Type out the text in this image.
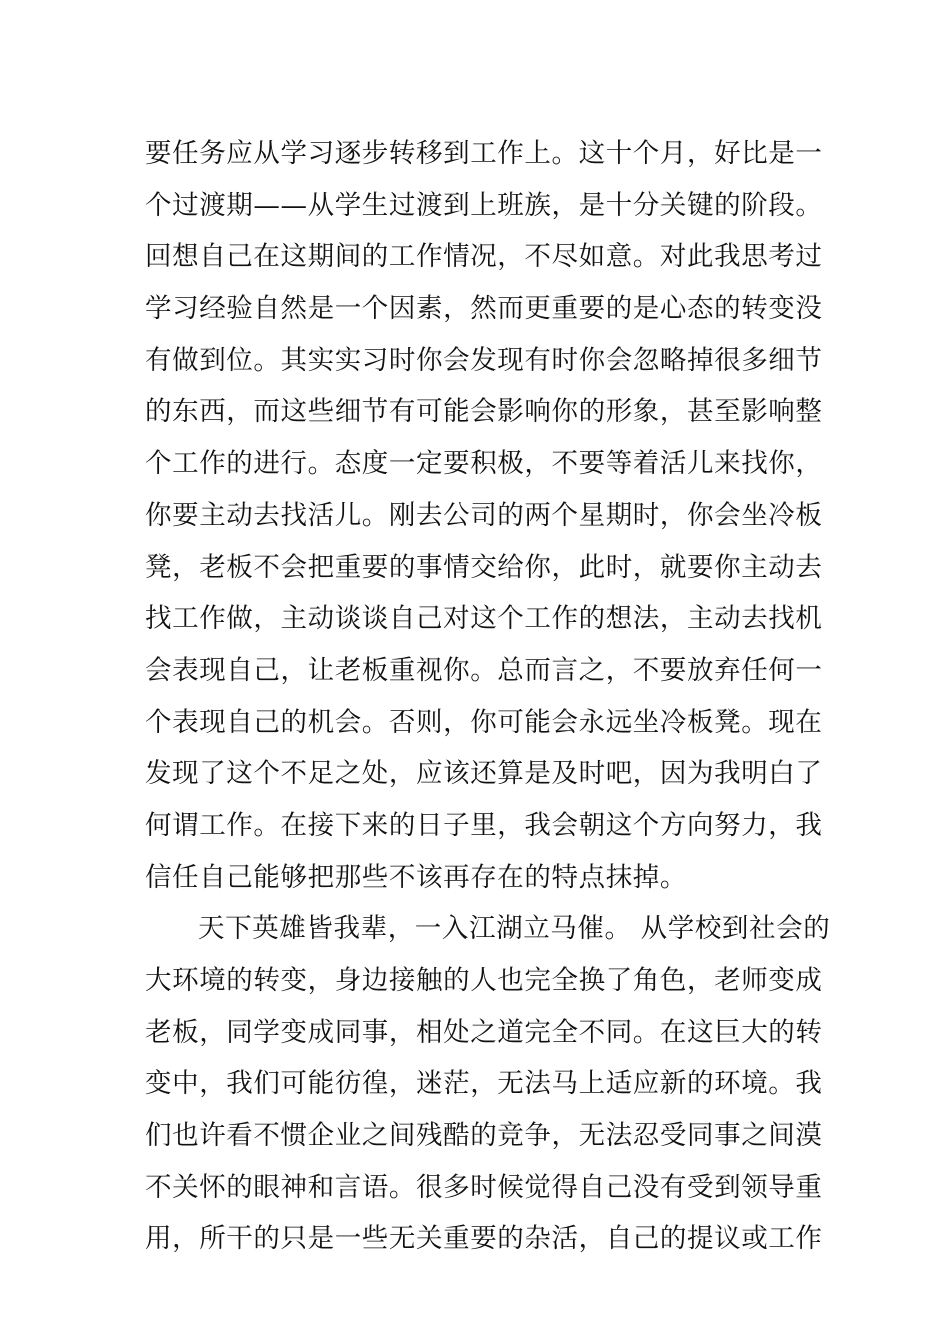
要任务应从学习逐步转移到工作上。这十个月，好比是一
个过渡期——从学生过渡到上班族，是十分关键的阶段。
回想自己在这期间的工作情况，不尽如意。对此我思考过
学习经验自然是一个因素，然而更重要的是心态的转变没
有做到位。其实实习时你会发现有时你会忽略掉很多细节
的东西，而这些细节有可能会影响你的形象，甚至影响整
个工作的进行。态度一定要积极，不要等着活儿来找你，
你要主动去找活儿。刚去公司的两个星期时，你会坐冷板
凳，老板不会把重要的事情交给你，此时，就要你主动去
找工作做，主动谈谈自己对这个工作的想法，主动去找机
会表现自己，让老板重视你。总而言之，不要放弃任何一
个表现自己的机会。否则，你可能会永远坐冷板凳。现在
发现了这个不足之处，应该还算是及时吧，因为我明白了
何谓工作。在接下来的日子里，我会朝这个方向努力，我
信任自己能够把那些不该再存在的特点抹掉。
天下英雄皆我辈，一入江湖立马催。 从学校到社会的
大环境的转变，身边接触的人也完全换了角色，老师变成
老板，同学变成同事，相处之道完全不同。在这巨大的转
变中，我们可能彷徨，迷茫，无法马上适应新的环境。我
们也许看不惯企业之间残酷的竞争，无法忍受同事之间漠
不关怀的眼神和言语。很多时候觉得自己没有受到领导重
用，所干的只是一些无关重要的杂活，自己的提议或工作
